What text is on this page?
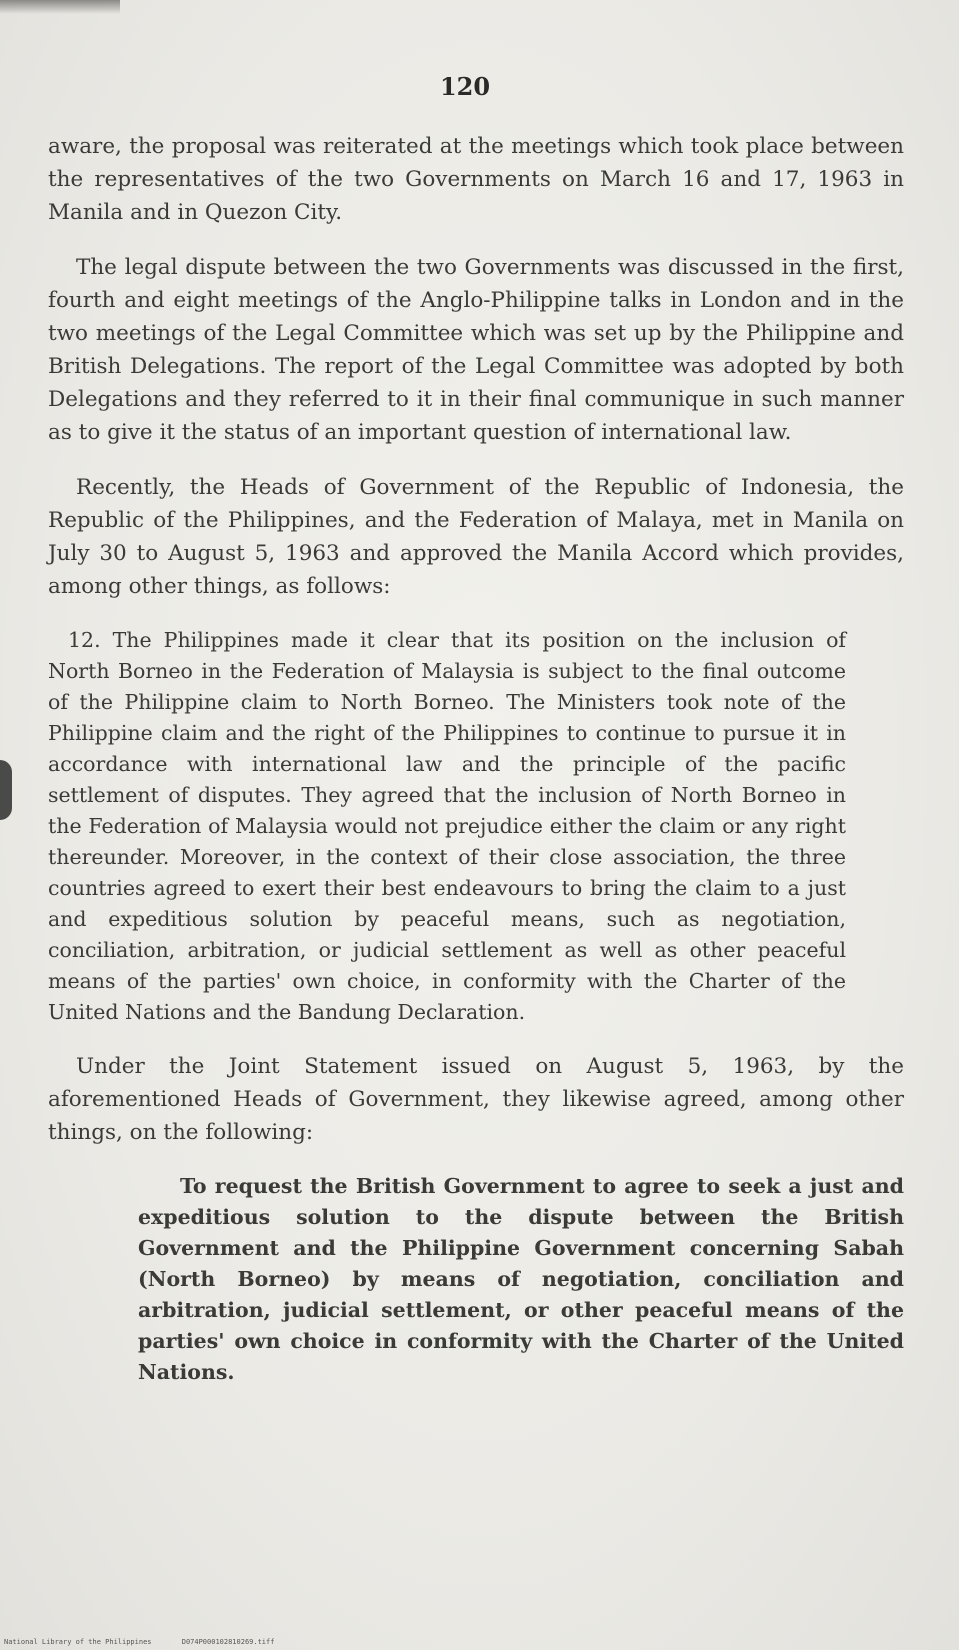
120

aware, the proposal was reiterated at the meetings which took place between the representatives of the two Governments on March 16 and 17, 1963 in Manila and in Quezon City.

The legal dispute between the two Governments was discussed in the first, fourth and eight meetings of the Anglo-Philippine talks in London and in the two meetings of the Legal Committee which was set up by the Philippine and British Delegations. The report of the Legal Committee was adopted by both Delegations and they referred to it in their final communique in such manner as to give it the status of an important question of international law.

Recently, the Heads of Government of the Republic of Indonesia, the Republic of the Philippines, and the Federation of Malaya, met in Manila on July 30 to August 5, 1963 and approved the Manila Accord which provides, among other things, as follows:

12. The Philippines made it clear that its position on the inclusion of North Borneo in the Federation of Malaysia is subject to the final outcome of the Philippine claim to North Borneo. The Ministers took note of the Philippine claim and the right of the Philippines to continue to pursue it in accordance with international law and the principle of the pacific settlement of disputes. They agreed that the inclusion of North Borneo in the Federation of Malaysia would not prejudice either the claim or any right thereunder. Moreover, in the context of their close association, the three countries agreed to exert their best endeavours to bring the claim to a just and expeditious solution by peaceful means, such as negotiation, conciliation, arbitration, or judicial settlement as well as other peaceful means of the parties' own choice, in conformity with the Charter of the United Nations and the Bandung Declaration.

Under the Joint Statement issued on August 5, 1963, by the aforementioned Heads of Government, they likewise agreed, among other things, on the following:

To request the British Government to agree to seek a just and expeditious solution to the dispute between the British Government and the Philippine Government concerning Sabah (North Borneo) by means of negotiation, conciliation and arbitration, judicial settlement, or other peaceful means of the parties' own choice in conformity with the Charter of the United Nations.

National Library of the Philippines	D074P000102810269.tiff
